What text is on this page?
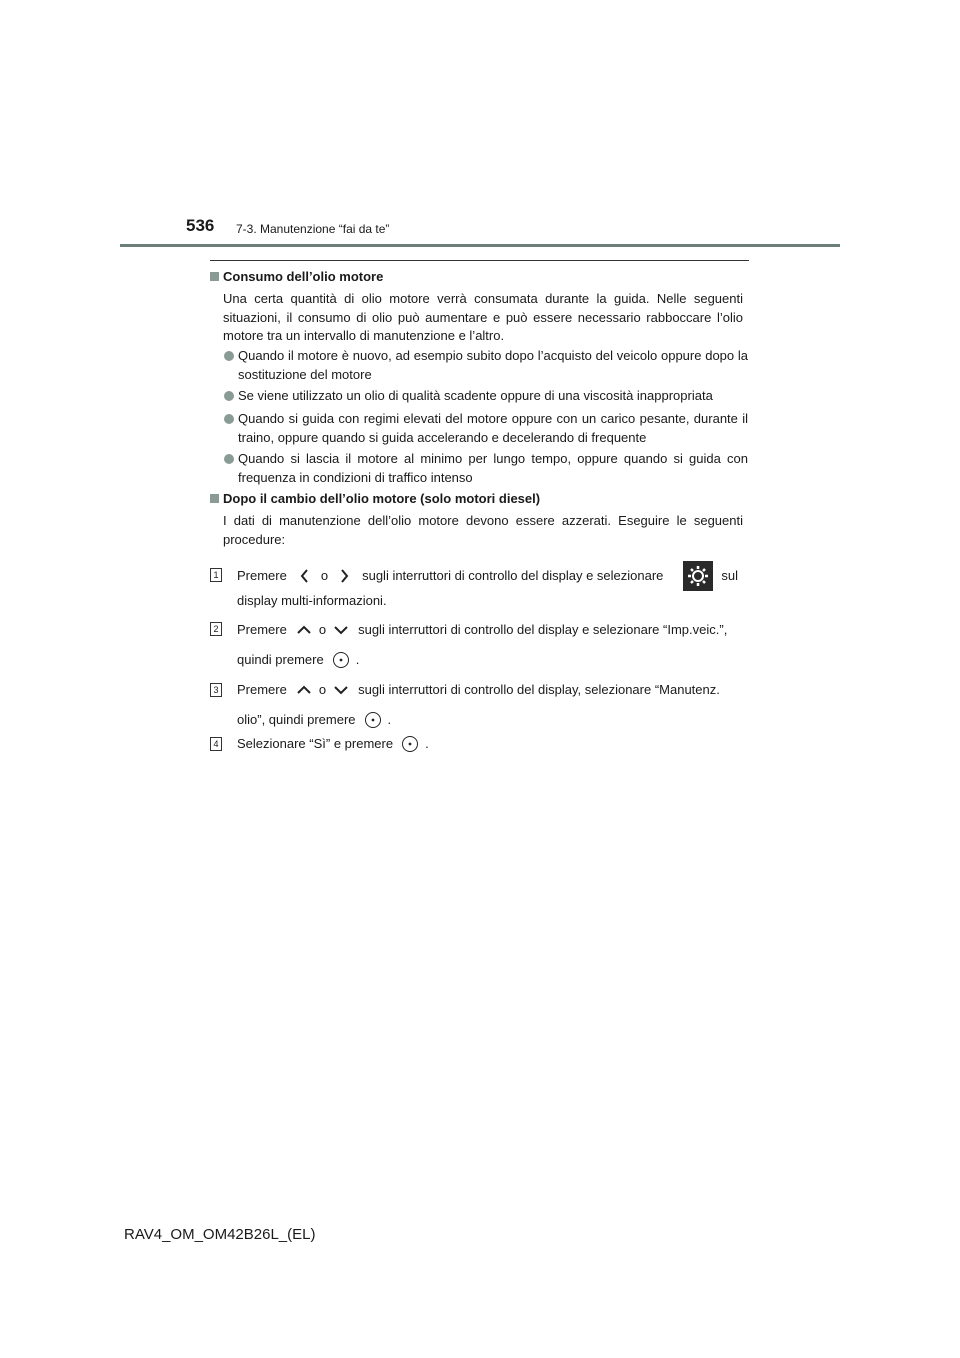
536 7-3. Manutenzione “fai da te”
Consumo dell’olio motore
Una certa quantità di olio motore verrà consumata durante la guida. Nelle seguenti
situazioni, il consumo di olio può aumentare e può essere necessario rabboccare l’olio
motore tra un intervallo di manutenzione e l’altro.
Quando il motore è nuovo, ad esempio subito dopo l’acquisto del veicolo oppure dopo la sostituzione del motore
Se viene utilizzato un olio di qualità scadente oppure di una viscosità inappropriata
Quando si guida con regimi elevati del motore oppure con un carico pesante, durante il traino, oppure quando si guida accelerando e decelerando di frequente
Quando si lascia il motore al minimo per lungo tempo, oppure quando si guida con frequenza in condizioni di traffico intenso
Dopo il cambio dell’olio motore (solo motori diesel)
I dati di manutenzione dell’olio motore devono essere azzerati. Eseguire le seguenti
procedure:
1 Premere	o	sugli interruttori di controllo del display e selezionare	sul
display multi-informazioni.
2 Premere o sugli interruttori di controllo del display e selezionare “Imp.veic.”,
quindi premere .
3 Premere o sugli interruttori di controllo del display, selezionare “Manutenz.
olio”, quindi premere .
4 Selezionare “Sì” e premere .
RAV4_OM_OM42B26L_(EL)
